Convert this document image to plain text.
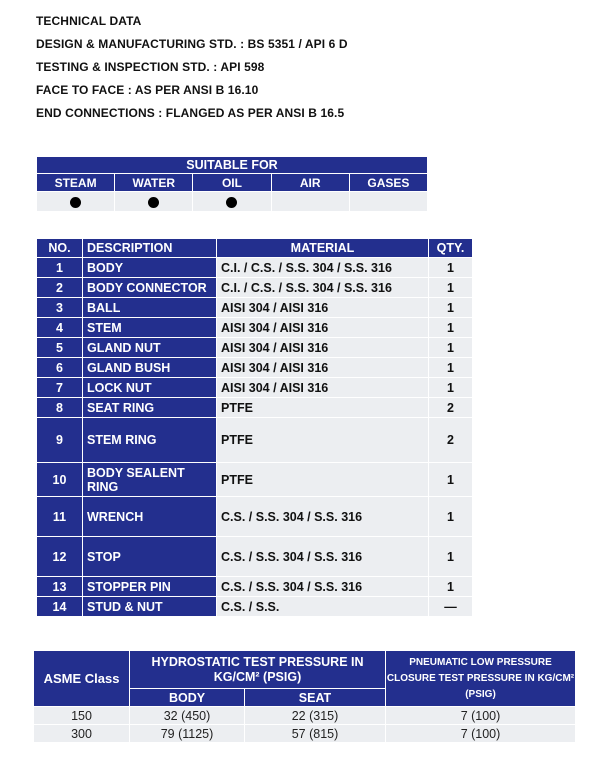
TECHNICAL DATA
DESIGN & MANUFACTURING STD. : BS 5351 / API 6 D
TESTING & INSPECTION STD. : API 598
FACE TO FACE : AS PER ANSI B 16.10
END CONNECTIONS : FLANGED AS PER ANSI B 16.5
SUITABLE FOR				
STEAM	WATER	OIL	AIR	GASES

NO.	DESCRIPTION	MATERIAL	QTY.
1	BODY	C.I. / C.S. / S.S. 304 / S.S. 316	1
2	BODY CONNECTOR	C.I. / C.S. / S.S. 304 / S.S. 316	1
3	BALL	AISI 304 / AISI 316	1
4	STEM	AISI 304 / AISI 316	1
5	GLAND NUT	AISI 304 / AISI 316	1
6	GLAND BUSH	AISI 304 / AISI 316	1
7	LOCK NUT	AISI 304 / AISI 316	1
8	SEAT RING	PTFE	2
9	STEM RING	PTFE	2
10	BODY SEALENT RING	PTFE	1
11	WRENCH	C.S. / S.S. 304 / S.S. 316	1
12	STOP	C.S. / S.S. 304 / S.S. 316	1
13	STOPPER PIN	C.S. / S.S. 304 / S.S. 316	1
14	STUD & NUT	C.S. / S.S.	—
ASME Class	HYDROSTATIC TEST PRESSURE IN KG/CM² (PSIG)		PNEUMATIC LOW PRESSURE CLOSURE TEST PRESSURE IN KG/CM² (PSIG)
	BODY	SEAT	
150	32 (450)	22 (315)	7 (100)
300	79 (1125)	57 (815)	7 (100)
